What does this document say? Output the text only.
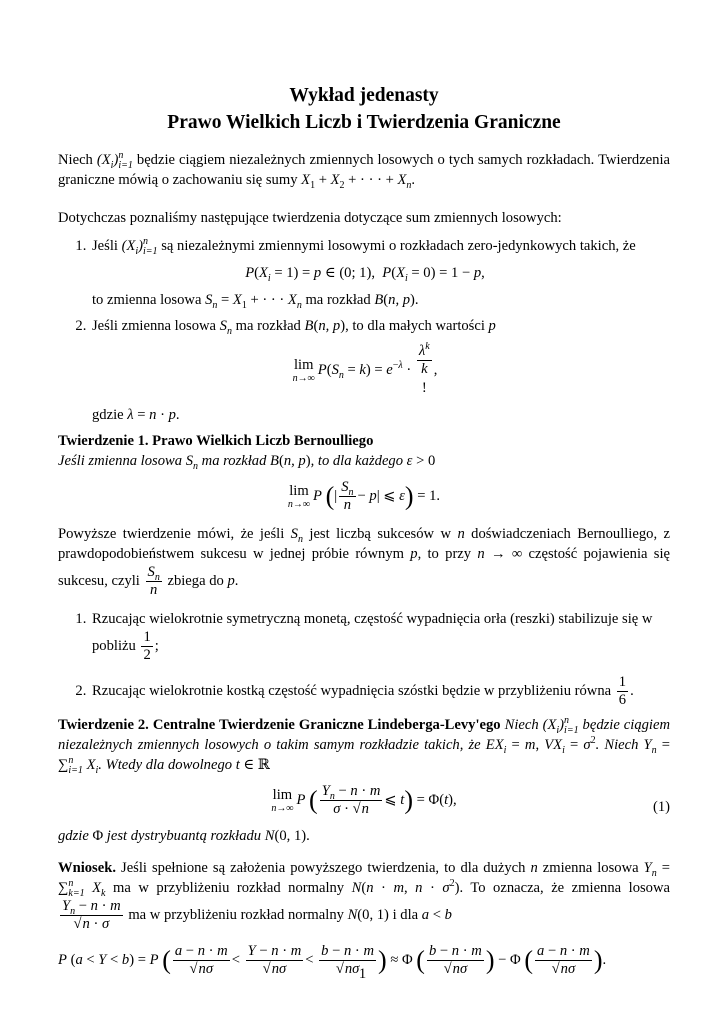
Wykład jedenasty
Prawo Wielkich Liczb i Twierdzenia Graniczne

Niech $(X_i)^n_{i=1}$ będzie ciągiem niezależnych zmiennych losowych o tych samych rozkładach. Twierdzenia graniczne mówią o zachowaniu się sumy $X_1 + X_2$ + · · · + $X_n$.

Dotychczas poznaliśmy następujące twierdzenia dotyczące sum zmiennych losowych:

1. Jeśli $(X_i)^n_{i=1}$ są niezależnymi zmiennymi losowymi o rozkładach zero-jedynkowych takich, że
$P(X_i = 1) = p$ ∈ (0; 1),  $P(X_i = 0) = 1 - p$,
to zmienna losowa $S_n = X_1$ + · · · $X_n$ ma rozkład B(n, p).
2. Jeśli zmienna losowa $S_n$ ma rozkład B(n, p), to dla małych wartości p
lim
n→∞
$P(S_n = k) = e^{-\lambda}$ ·
$\lambda^k$
k
!,
gdzie λ = n · p.

Twierdzenie 1. Prawo Wielkich Liczb Bernoulliego
Jeśli zmienna losowa $S_n$ ma rozkład B(n, p), to dla każdego ε > 0

lim
n→∞
P (| $\frac{S_n}{n} - p|$ ⩽ ε) = 1.

Powyższe twierdzenie mówi, że jeśli $S_n$ jest liczbą sukcesów w n doświadczeniach Bernoulliego, z prawdopodobieństwem sukcesu w jednej próbie równym p, to przy n → ∞ częstość pojawienia się sukcesu, czyli $\frac{S_n}{n}$ zbiega do p.

1. Rzucając wielokrotnie symetryczną monetą, częstość wypadnięcia orła (reszki) stabilizuje się w pobliżu $\frac{1}{2}$ ;
2. Rzucając wielokrotnie kostką częstość wypadnięcia szóstki będzie w przybliżeniu równa $\frac{1}{6}$ .

Twierdzenie 2. Centralne Twierdzenie Graniczne Lindeberga-Levy'ego Niech $(X_i)^n_{i=1}$ będzie ciągiem niezależnych zmiennych losowych o takim samym rozkładzie takich, że $EX_i = m$, $VX_i = \sigma^2$. Niech $Y_n = \sum^n_{i=1}$ $X_i$. Wtedy dla dowolnego t ∈ ℝ

lim
n→∞
P ( $\frac{Y_n - n \cdot m}{\sigma \cdot √n}$ ⩽ t) = Φ(t),	(1)

gdzie Φ jest dystrybuantą rozkładu N(0, 1).

Wniosek. Jeśli spełnione są założenia powyższego twierdzenia, to dla dużych n zmienna losowa $Y_n = \sum^n_{k=1}$ $X_k$ ma w przybliżeniu rozkład normalny N(n · m, $n \cdot \sigma^2$). To oznacza, że zmienna losowa
$\frac{Y_n - n \cdot m}{√n \cdot \sigma}$ ma w przybliżeniu rozkład normalny N(0, 1) i dla a < b

P (a < Y < b) = P ( $\frac{a - n \cdot m}{√n\sigma} < \frac{Y - n \cdot m}{√n\sigma} < \frac{b - n \cdot m}{√n\sigma}$ ) ≈ Φ ( $\frac{b - n \cdot m}{√n\sigma}$ ) − Φ ( $\frac{a - n \cdot m}{√n\sigma}$ ).
1
